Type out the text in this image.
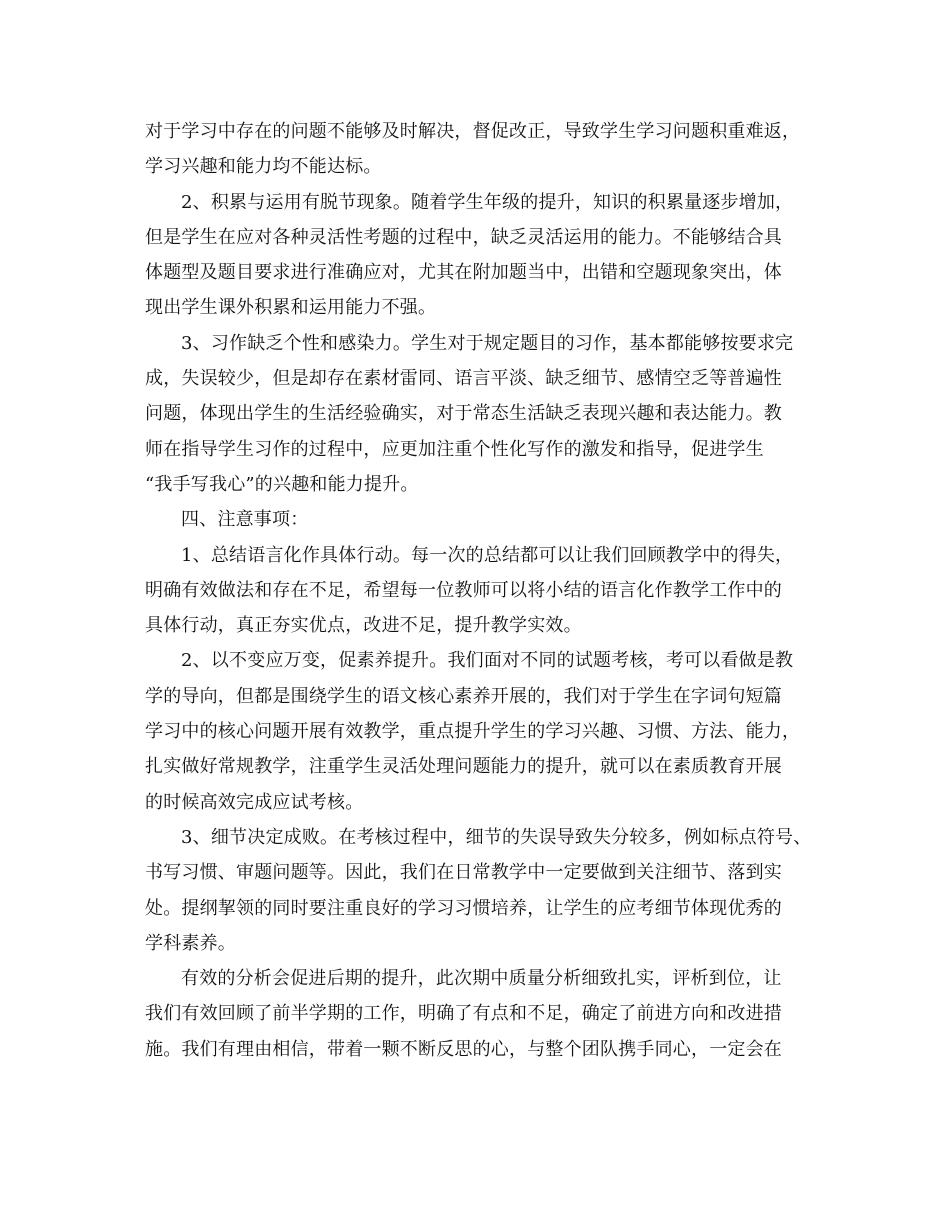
对于学习中存在的问题不能够及时解决，督促改正，导致学生学习问题积重难返，
学习兴趣和能力均不能达标。
2、积累与运用有脱节现象。随着学生年级的提升，知识的积累量逐步增加，
但是学生在应对各种灵活性考题的过程中，缺乏灵活运用的能力。不能够结合具
体题型及题目要求进行准确应对，尤其在附加题当中，出错和空题现象突出，体
现出学生课外积累和运用能力不强。
3、习作缺乏个性和感染力。学生对于规定题目的习作，基本都能够按要求完
成，失误较少，但是却存在素材雷同、语言平淡、缺乏细节、感情空乏等普遍性
问题，体现出学生的生活经验确实，对于常态生活缺乏表现兴趣和表达能力。教
师在指导学生习作的过程中，应更加注重个性化写作的激发和指导，促进学生
“我手写我心”的兴趣和能力提升。
四、注意事项：
1、总结语言化作具体行动。每一次的总结都可以让我们回顾教学中的得失，
明确有效做法和存在不足，希望每一位教师可以将小结的语言化作教学工作中的
具体行动，真正夯实优点，改进不足，提升教学实效。
2、以不变应万变，促素养提升。我们面对不同的试题考核，考可以看做是教
学的导向，但都是围绕学生的语文核心素养开展的，我们对于学生在字词句短篇
学习中的核心问题开展有效教学，重点提升学生的学习兴趣、习惯、方法、能力，
扎实做好常规教学，注重学生灵活处理问题能力的提升，就可以在素质教育开展
的时候高效完成应试考核。
3、细节决定成败。在考核过程中，细节的失误导致失分较多，例如标点符号、
书写习惯、审题问题等。因此，我们在日常教学中一定要做到关注细节、落到实
处。提纲挈领的同时要注重良好的学习习惯培养，让学生的应考细节体现优秀的
学科素养。
有效的分析会促进后期的提升，此次期中质量分析细致扎实，评析到位，让
我们有效回顾了前半学期的工作，明确了有点和不足，确定了前进方向和改进措
施。我们有理由相信，带着一颗不断反思的心，与整个团队携手同心，一定会在
